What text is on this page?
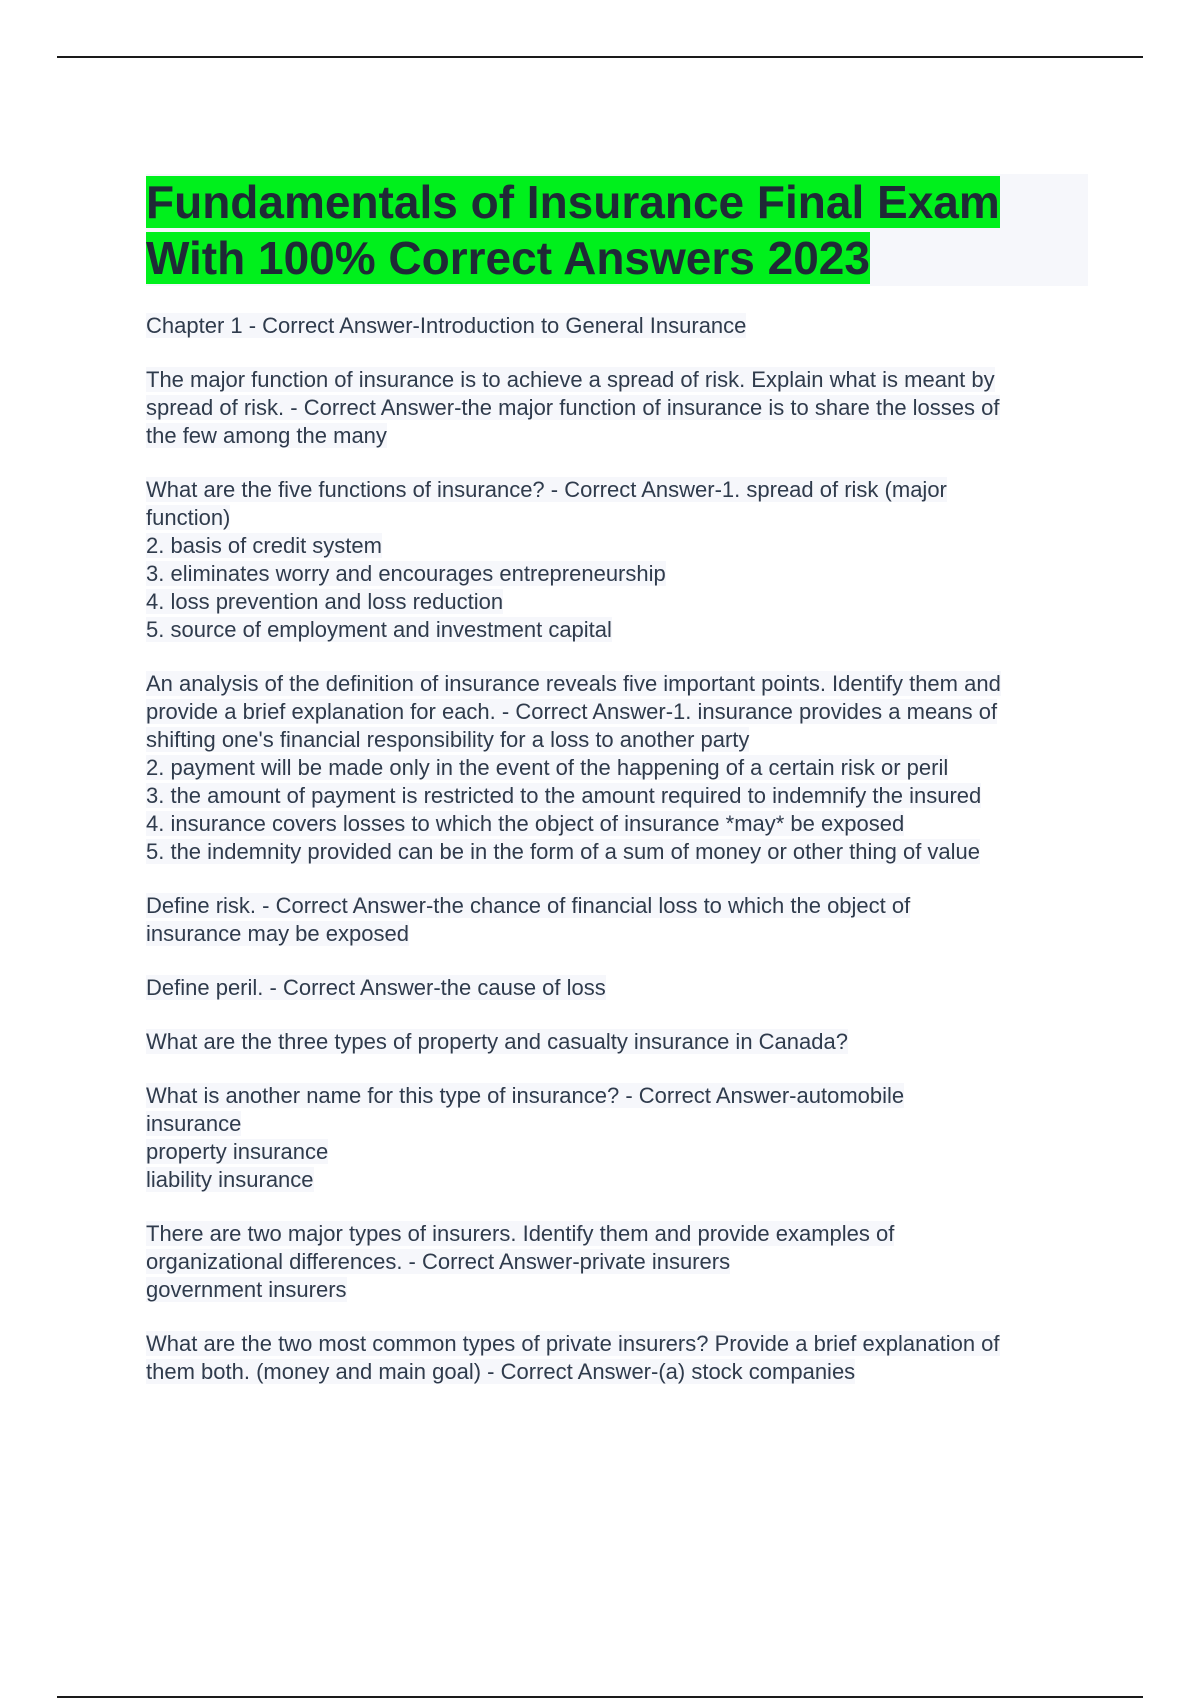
Fundamentals of Insurance Final Exam
With 100% Correct Answers 2023
Chapter 1 - Correct Answer-Introduction to General Insurance
The major function of insurance is to achieve a spread of risk. Explain what is meant by
spread of risk. - Correct Answer-the major function of insurance is to share the losses of
the few among the many
What are the five functions of insurance? - Correct Answer-1. spread of risk (major
function)
2. basis of credit system
3. eliminates worry and encourages entrepreneurship
4. loss prevention and loss reduction
5. source of employment and investment capital
An analysis of the definition of insurance reveals five important points. Identify them and
provide a brief explanation for each. - Correct Answer-1. insurance provides a means of
shifting one's financial responsibility for a loss to another party
2. payment will be made only in the event of the happening of a certain risk or peril
3. the amount of payment is restricted to the amount required to indemnify the insured
4. insurance covers losses to which the object of insurance *may* be exposed
5. the indemnity provided can be in the form of a sum of money or other thing of value
Define risk. - Correct Answer-the chance of financial loss to which the object of
insurance may be exposed
Define peril. - Correct Answer-the cause of loss
What are the three types of property and casualty insurance in Canada?
What is another name for this type of insurance? - Correct Answer-automobile
insurance
property insurance
liability insurance
There are two major types of insurers. Identify them and provide examples of
organizational differences. - Correct Answer-private insurers
government insurers
What are the two most common types of private insurers? Provide a brief explanation of
them both. (money and main goal) - Correct Answer-(a) stock companies
